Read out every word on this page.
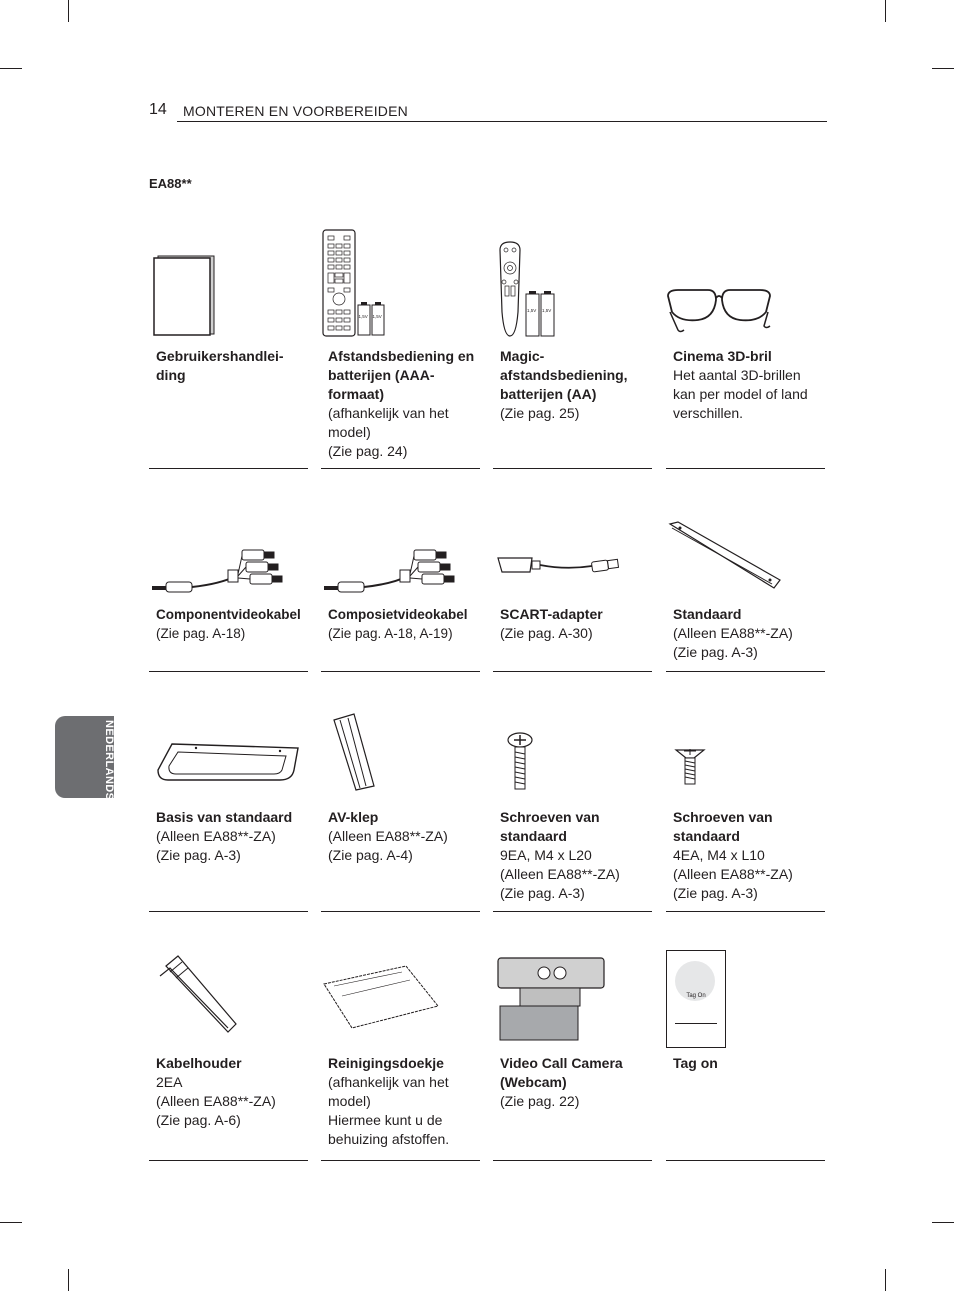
14 MONTEREN EN VOORBEREIDEN
EA88**
NEDERLANDS
1,5V 1,5V
1,5V 1,5V
Tag On
Gebruikershandlei-ding
Afstandsbediening en batterijen (AAA-formaat)
(afhankelijk van het model)
(Zie pag. 24)
Magic-afstandsbediening, batterijen (AA)
(Zie pag. 25)
Cinema 3D-bril
Het aantal 3D-brillen kan per model of land verschillen.
Componentvideokabel
(Zie pag. A-18)
Composietvideokabel
(Zie pag. A-18, A-19)
SCART-adapter
(Zie pag. A-30)
Standaard
(Alleen EA88**-ZA)
(Zie pag. A-3)
Basis van standaard
(Alleen EA88**-ZA)
(Zie pag. A-3)
AV-klep
(Alleen EA88**-ZA)
(Zie pag. A-4)
Schroeven van standaard
9EA, M4 x L20
(Alleen EA88**-ZA)
(Zie pag. A-3)
Schroeven van standaard
4EA, M4 x L10
(Alleen EA88**-ZA)
(Zie pag. A-3)
Kabelhouder
2EA
(Alleen EA88**-ZA)
(Zie pag. A-6)
Reinigingsdoekje
(afhankelijk van het model)
Hiermee kunt u de behuizing afstoffen.
Video Call Camera (Webcam)
(Zie pag. 22)
Tag on
